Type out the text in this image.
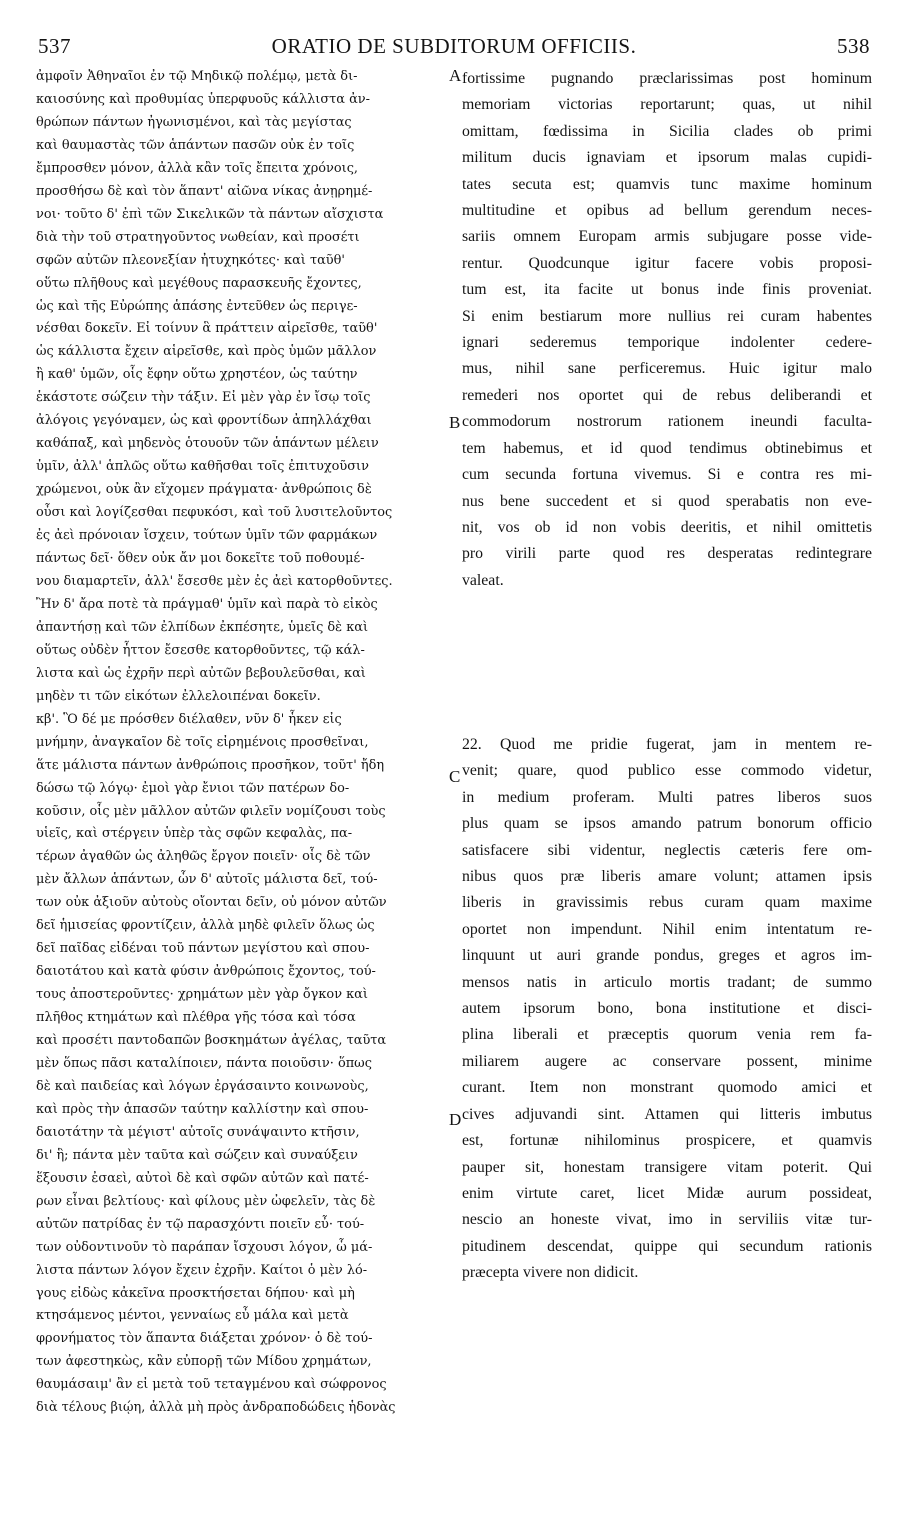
537	ORATIO DE SUBDITORUM OFFICIIS.	538
ἀμφοῖν Ἀθηναῖοι ἐν τῷ Μηδικῷ πολέμῳ, μετὰ δι-
καιοσύνης καὶ προθυμίας ὑπερφυοῦς κάλλιστα ἀν-
θρώπων πάντων ἠγωνισμένοι, καὶ τὰς μεγίστας
καὶ θαυμαστὰς τῶν ἁπάντων πασῶν οὐκ ἐν τοῖς
ἔμπροσθεν μόνον, ἀλλὰ κἂν τοῖς ἔπειτα χρόνοις,
προσθήσω δὲ καὶ τὸν ἅπαντ' αἰῶνα νίκας ἀνῃρημέ-
νοι· τοῦτο δ' ἐπὶ τῶν Σικελικῶν τὰ πάντων αἴσχιστα
διὰ τὴν τοῦ στρατηγοῦντος νωθείαν, καὶ προσέτι
σφῶν αὐτῶν πλεονεξίαν ἠτυχηκότες· καὶ ταῦθ'
οὕτω πλῆθους καὶ μεγέθους παρασκευῆς ἔχοντες,
ὡς καὶ τῆς Εὐρώπης ἁπάσης ἐντεῦθεν ὡς περιγε-
νέσθαι δοκεῖν. Εἰ τοίνυν ἃ πράττειν αἱρεῖσθε, ταῦθ'
ὡς κάλλιστα ἔχειν αἱρεῖσθε, καὶ πρὸς ὑμῶν μᾶλλον
ἢ καθ' ὑμῶν, οἷς ἔφην οὕτω χρηστέον, ὡς ταύτην
ἑκάστοτε σώζειν τὴν τάξιν. Εἰ μὲν γὰρ ἐν ἴσῳ τοῖς
ἀλόγοις γεγόναμεν, ὡς καὶ φροντίδων ἀπηλλάχθαι
καθάπαξ, καὶ μηδενὸς ὁτουοῦν τῶν ἁπάντων μέλειν
ὑμῖν, ἀλλ' ἁπλῶς οὕτω καθῆσθαι τοῖς ἐπιτυχοῦσιν
χρώμενοι, οὐκ ἂν εἴχομεν πράγματα· ἀνθρώποις δὲ
οὖσι καὶ λογίζεσθαι πεφυκόσι, καὶ τοῦ λυσιτελοῦντος
ἐς ἀεὶ πρόνοιαν ἴσχειν, τούτων ὑμῖν τῶν φαρμάκων
πάντως δεῖ· ὅθεν οὐκ ἄν μοι δοκεῖτε τοῦ ποθουμέ-
νου διαμαρτεῖν, ἀλλ' ἔσεσθε μὲν ἐς ἀεὶ κατορθοῦντες.
Ἢν δ' ἄρα ποτὲ τὰ πράγμαθ' ὑμῖν καὶ παρὰ τὸ εἰκὸς
ἀπαντήσῃ καὶ τῶν ἐλπίδων ἐκπέσητε, ὑμεῖς δὲ καὶ
οὕτως οὐδὲν ἧττον ἔσεσθε κατορθοῦντες, τῷ κάλ-
λιστα καὶ ὡς ἐχρῆν περὶ αὐτῶν βεβουλεῦσθαι, καὶ
μηδὲν τι τῶν εἰκότων ἐλλελοιπέναι δοκεῖν.
κβ'. Ὃ δέ με πρόσθεν διέλαθεν, νῦν δ' ἧκεν εἰς
μνήμην, ἀναγκαῖον δὲ τοῖς εἰρημένοις προσθεῖναι,
ἅτε μάλιστα πάντων ἀνθρώποις προσῆκον, τοῦτ' ἤδη
δώσω τῷ λόγῳ· ἐμοὶ γὰρ ἔνιοι τῶν πατέρων δο-
κοῦσιν, οἷς μὲν μᾶλλον αὐτῶν φιλεῖν νομίζουσι τοὺς
υἱεῖς, καὶ στέργειν ὑπὲρ τὰς σφῶν κεφαλὰς, πα-
τέρων ἀγαθῶν ὡς ἀληθῶς ἔργον ποιεῖν· οἷς δὲ τῶν
μὲν ἄλλων ἁπάντων, ὧν δ' αὐτοῖς μάλιστα δεῖ, τού-
των οὐκ ἀξιοῦν αὐτοὺς οἴονται δεῖν, οὐ μόνον αὐτῶν
δεῖ ἡμισείας φροντίζειν, ἀλλὰ μηδὲ φιλεῖν ὅλως ὡς
δεῖ παῖδας εἰδέναι τοῦ πάντων μεγίστου καὶ σπου-
δαιοτάτου καὶ κατὰ φύσιν ἀνθρώποις ἔχοντος, τού-
τους ἀποστεροῦντες· χρημάτων μὲν γὰρ ὄγκον καὶ
πλῆθος κτημάτων καὶ πλέθρα γῆς τόσα καὶ τόσα
καὶ προσέτι παντοδαπῶν βοσκημάτων ἀγέλας, ταῦτα
μὲν ὅπως πᾶσι καταλίποιεν, πάντα ποιοῦσιν· ὅπως
δὲ καὶ παιδείας καὶ λόγων ἐργάσαιντο κοινωνοὺς,
καὶ πρὸς τὴν ἁπασῶν ταύτην καλλίστην καὶ σπου-
δαιοτάτην τὰ μέγιστ' αὐτοῖς συνάψαιντο κτῆσιν,
δι' ἣ; πάντα μὲν ταῦτα καὶ σώζειν καὶ συναύξειν
ἕξουσιν ἐσαεὶ, αὐτοὶ δὲ καὶ σφῶν αὐτῶν καὶ πατέ-
ρων εἶναι βελτίους· καὶ φίλους μὲν ὠφελεῖν, τὰς δὲ
αὐτῶν πατρίδας ἐν τῷ παρασχόντι ποιεῖν εὖ· τού-
των οὐδοντινοῦν τὸ παράπαν ἴσχουσι λόγον, ὧ μά-
λιστα πάντων λόγον ἔχειν ἐχρῆν. Καίτοι ὁ μὲν λό-
γους εἰδὼς κἀκεῖνα προσκτήσεται δήπου· καὶ μὴ
κτησάμενος μέντοι, γενναίως εὖ μάλα καὶ μετὰ
φρονήματος τὸν ἅπαντα διάξεται χρόνον· ὁ δὲ τού-
των ἀφεστηκὼς, κἂν εὐπορῇ τῶν Μίδου χρημάτων,
θαυμάσαιμ' ἂν εἰ μετὰ τοῦ τεταγμένου καὶ σώφρονος
διὰ τέλους βιῴη, ἀλλὰ μὴ πρὸς ἀνδραποδώδεις ἡδονὰς
A
B
C
D
fortissime pugnando præclarissimas post hominum
memoriam victorias reportarunt; quas, ut nihil
omittam, fœdissima in Sicilia clades ob primi
militum ducis ignaviam et ipsorum malas cupidi-
tates secuta est; quamvis tunc maxime hominum
multitudine et opibus ad bellum gerendum neces-
sariis omnem Europam armis subjugare posse vide-
rentur. Quodcunque igitur facere vobis proposi-
tum est, ita facite ut bonus inde finis proveniat.
Si enim bestiarum more nullius rei curam habentes
ignari sederemus temporique indolenter cedere-
mus, nihil sane perficeremus. Huic igitur malo
remederi nos oportet qui de rebus deliberandi et
commodorum nostrorum rationem ineundi faculta-
tem habemus, et id quod tendimus obtinebimus et
cum secunda fortuna vivemus. Si e contra res mi-
nus bene succedent et si quod sperabatis non eve-
nit, vos ob id non vobis deeritis, et nihil omittetis
pro virili parte quod res desperatas redintegrare
valeat.
22. Quod me pridie fugerat, jam in mentem re-
venit; quare, quod publico esse commodo videtur,
in medium proferam. Multi patres liberos suos
plus quam se ipsos amando patrum bonorum officio
satisfacere sibi videntur, neglectis cæteris fere om-
nibus quos præ liberis amare volunt; attamen ipsis
liberis in gravissimis rebus curam quam maxime
oportet non impendunt. Nihil enim intentatum re-
linquunt ut auri grande pondus, greges et agros im-
mensos natis in articulo mortis tradant; de summo
autem ipsorum bono, bona institutione et disci-
plina liberali et præceptis quorum venia rem fa-
miliarem augere ac conservare possent, minime
curant. Item non monstrant quomodo amici et
cives adjuvandi sint. Attamen qui litteris imbutus
est, fortunæ nihilominus prospicere, et quamvis
pauper sit, honestam transigere vitam poterit. Qui
enim virtute caret, licet Midæ aurum possideat,
nescio an honeste vivat, imo in serviliis vitæ tur-
pitudinem descendat, quippe qui secundum rationis
præcepta vivere non didicit.
